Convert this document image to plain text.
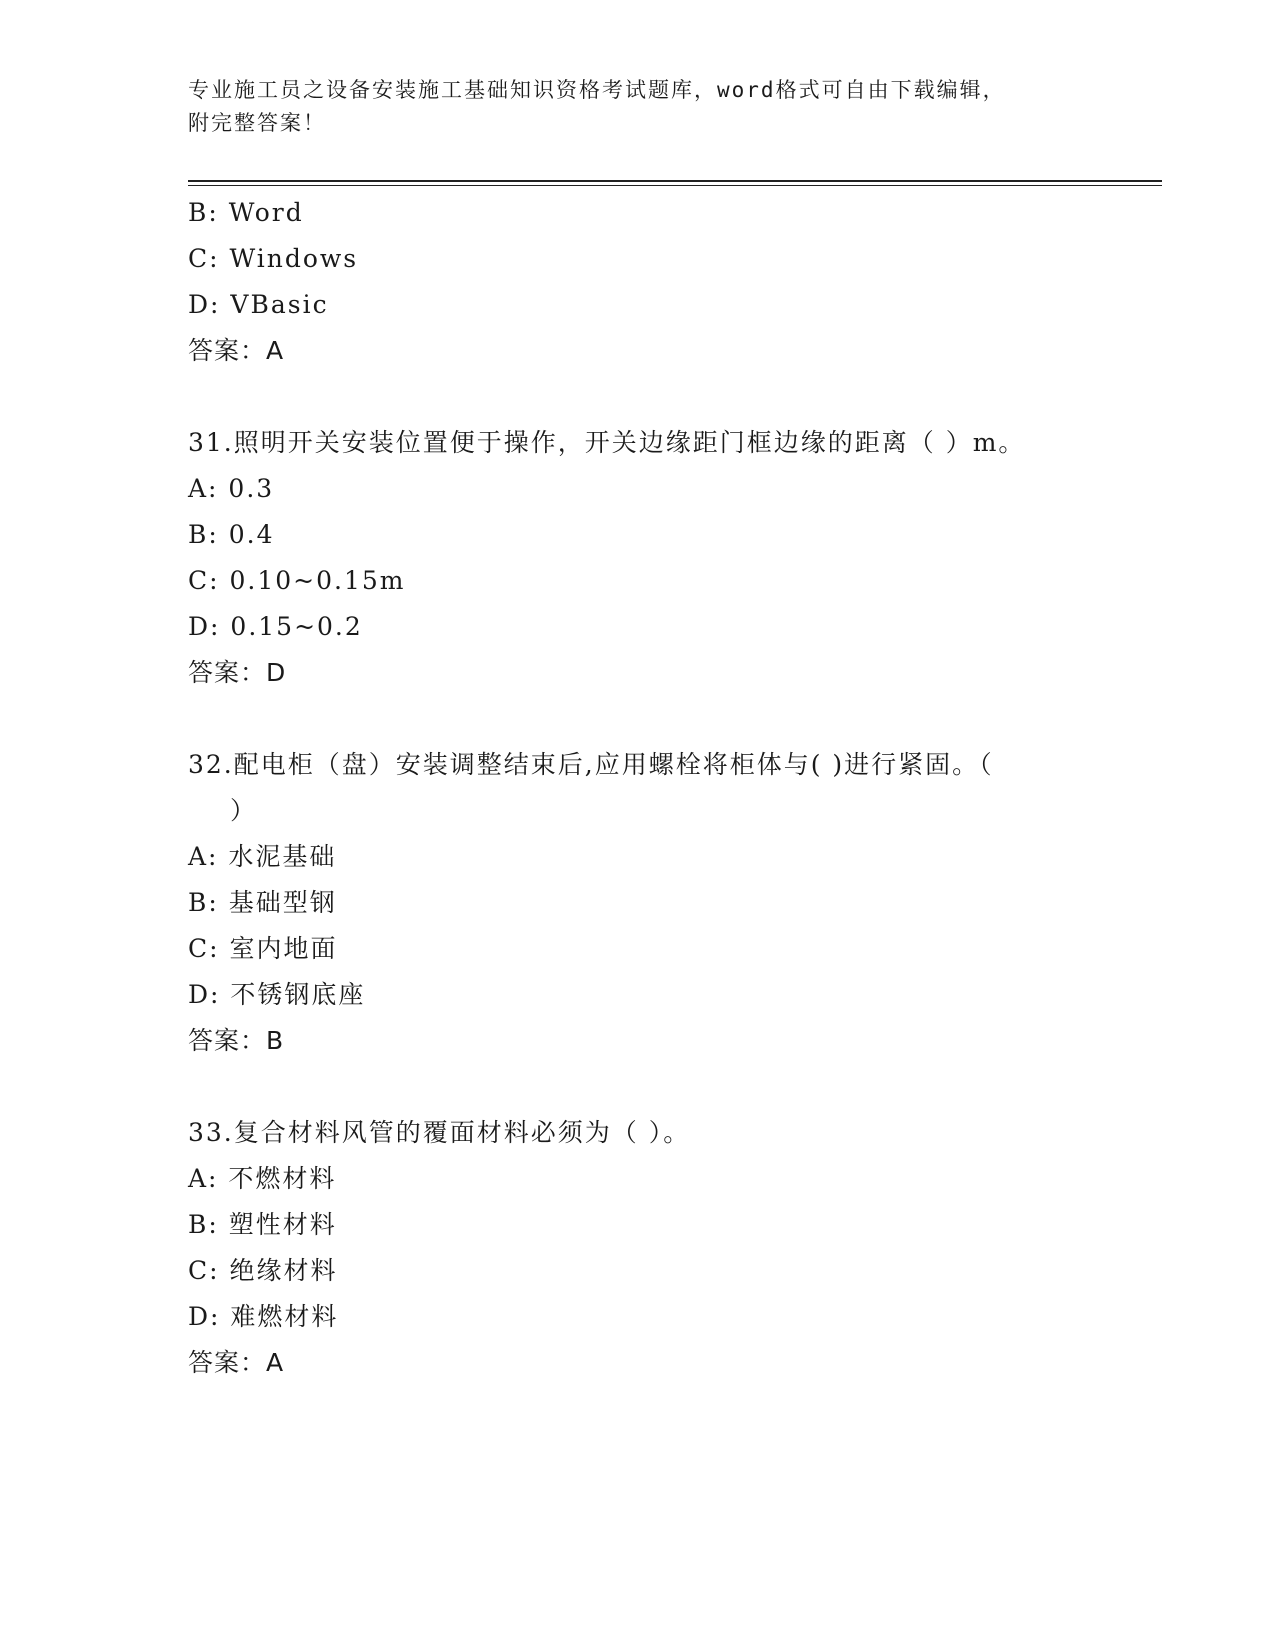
专业施工员之设备安装施工基础知识资格考试题库，word格式可自由下载编辑，
附完整答案！
B: Word
C: Windows
D: VBasic
答案：A
31.照明开关安装位置便于操作，开关边缘距门框边缘的距离（ ）m。
A: 0.3
B: 0.4
C: 0.10~0.15m
D: 0.15~0.2
答案：D
32.配电柜（盘）安装调整结束后,应用螺栓将柜体与( )进行紧固。（
）
A: 水泥基础
B: 基础型钢
C: 室内地面
D: 不锈钢底座
答案：B
33.复合材料风管的覆面材料必须为（ ）。
A: 不燃材料
B: 塑性材料
C: 绝缘材料
D: 难燃材料
答案：A
